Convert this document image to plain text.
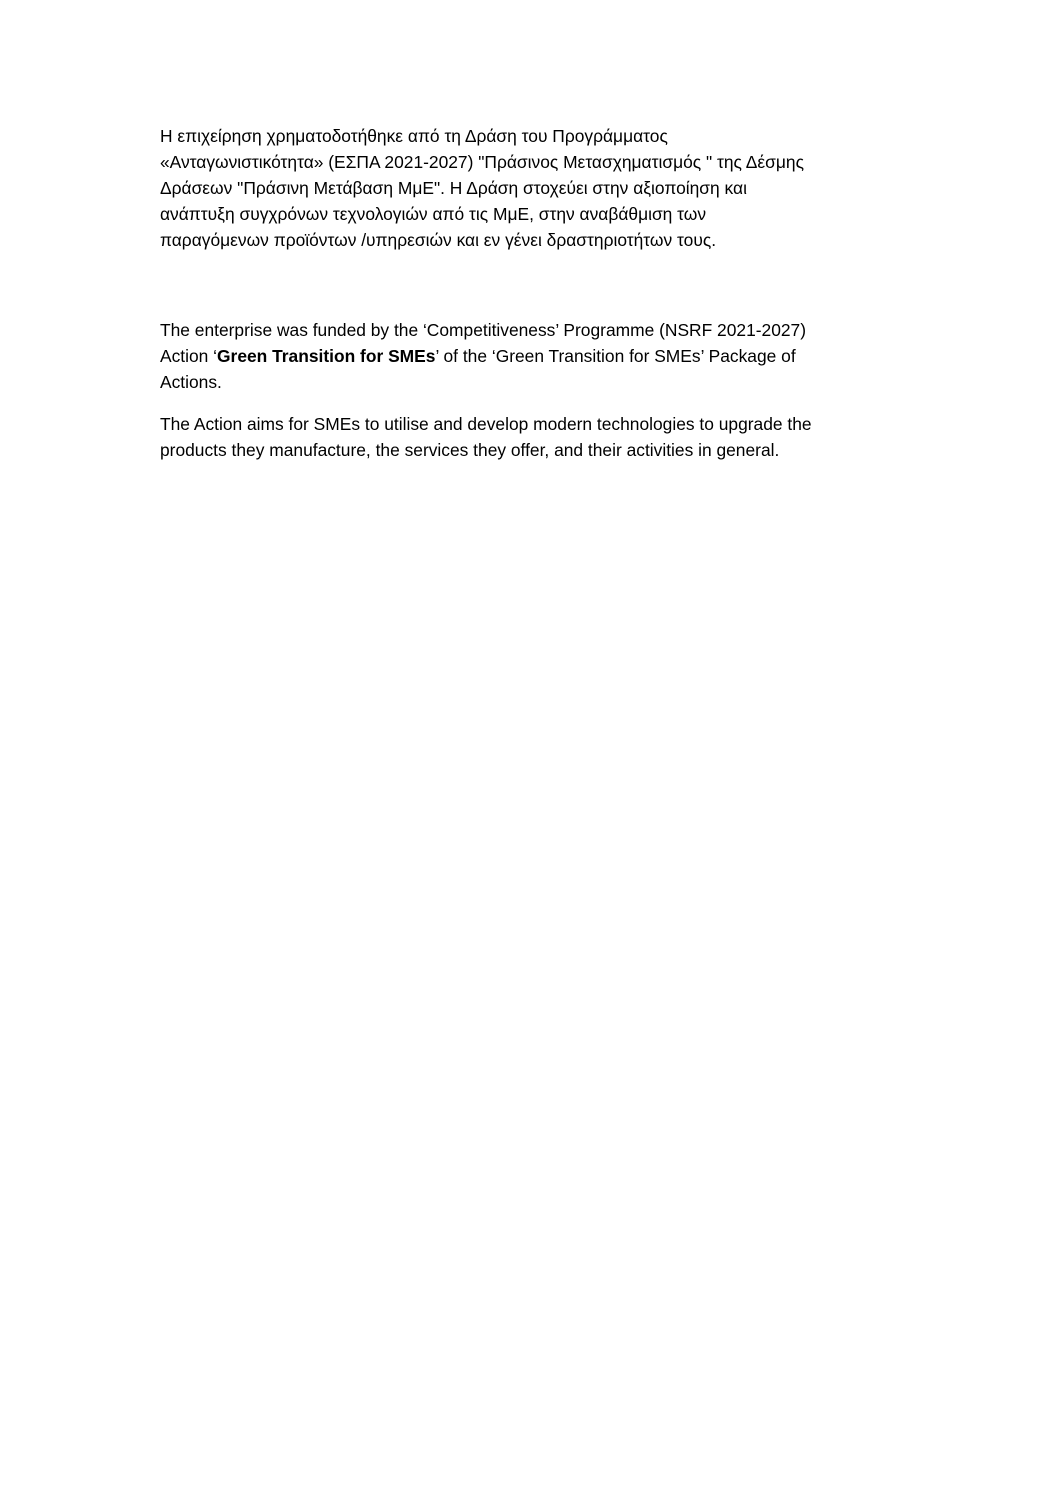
Η επιχείρηση χρηματοδοτήθηκε από τη Δράση του Προγράμματος
«Ανταγωνιστικότητα» (ΕΣΠΑ 2021-2027) "Πράσινος Μετασχηματισμός " της Δέσμης
Δράσεων "Πράσινη Μετάβαση ΜμΕ". Η Δράση στοχεύει στην αξιοποίηση και
ανάπτυξη συγχρόνων τεχνολογιών από τις ΜμΕ, στην αναβάθμιση των
παραγόμενων προϊόντων /υπηρεσιών και εν γένει δραστηριοτήτων τους.
The enterprise was funded by the ‘Competitiveness’ Programme (NSRF 2021-2027)
Action ‘Green Transition for SMEs’ of the ‘Green Transition for SMEs’ Package of
Actions.
The Action aims for SMEs to utilise and develop modern technologies to upgrade the
products they manufacture, the services they offer, and their activities in general.
